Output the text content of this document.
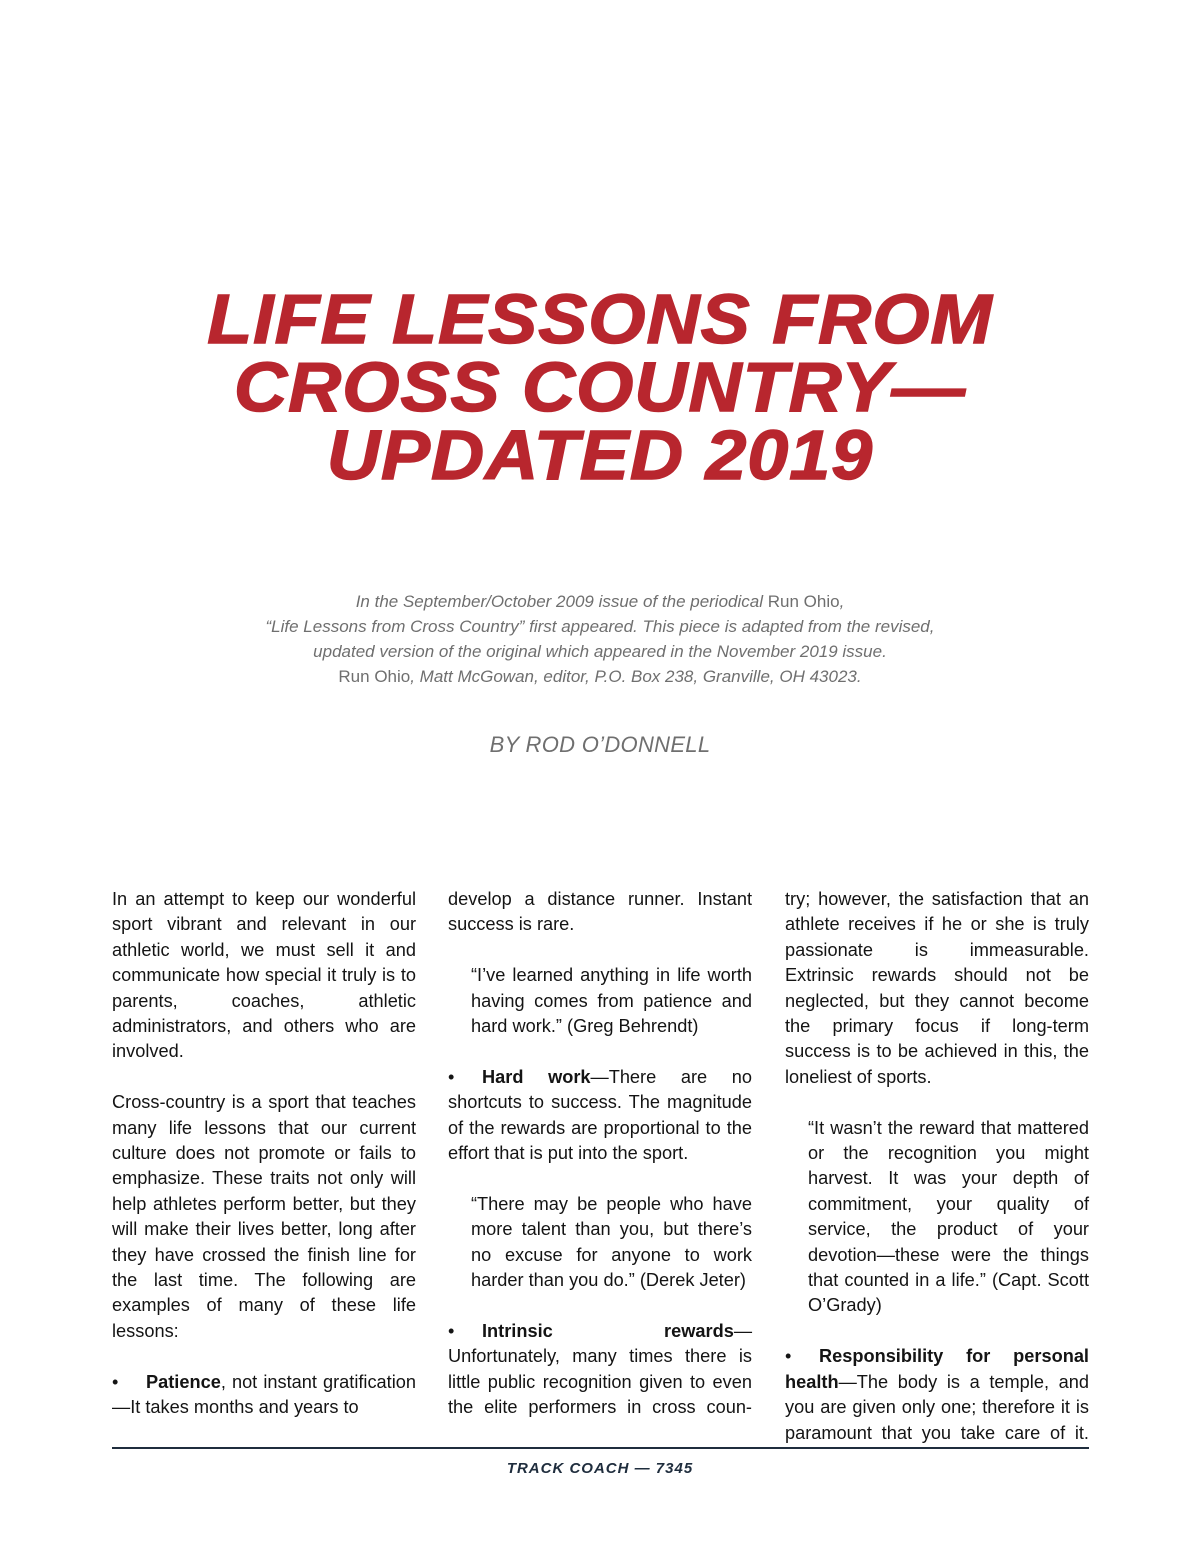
LIFE LESSONS FROM
CROSS COUNTRY—
UPDATED 2019
In the September/October 2009 issue of the periodical Run Ohio,
“Life Lessons from Cross Country” first appeared. This piece is adapted from the revised,
updated version of the original which appeared in the November 2019 issue.
Run Ohio, Matt McGowan, editor, P.O. Box 238, Granville, OH 43023.
BY ROD O’DONNELL

In an attempt to keep our wonderful sport vibrant and relevant in our athletic world, we must sell it and communicate how special it truly is to parents, coaches, athletic administrators, and others who are involved.

Cross-country is a sport that teaches many life lessons that our current culture does not promote or fails to emphasize. These traits not only will help athletes perform better, but they will make their lives better, long after they have crossed the finish line for the last time. The following are examples of many of these life lessons:

• Patience, not instant gratification—It takes months and years to

develop a distance runner. Instant success is rare.

“I’ve learned anything in life worth having comes from patience and hard work.” (Greg Behrendt)

• Hard work—There are no shortcuts to success. The magnitude of the rewards are proportional to the effort that is put into the sport.

“There may be people who have more talent than you, but there’s no excuse for anyone to work harder than you do.” (Derek Jeter)

• Intrinsic rewards—Unfortunately, many times there is little public recognition given to even the elite performers in cross coun-

try; however, the satisfaction that an athlete receives if he or she is truly passionate is immeasurable. Extrinsic rewards should not be neglected, but they cannot become the primary focus if long-term success is to be achieved in this, the loneliest of sports.

“It wasn’t the reward that mattered or the recognition you might harvest. It was your depth of commitment, your quality of service, the product of your devotion—these were the things that counted in a life.” (Capt. Scott O’Grady)

• Responsibility for personal health—The body is a temple, and you are given only one; therefore it is paramount that you take care of it.

TRACK COACH — 7345
